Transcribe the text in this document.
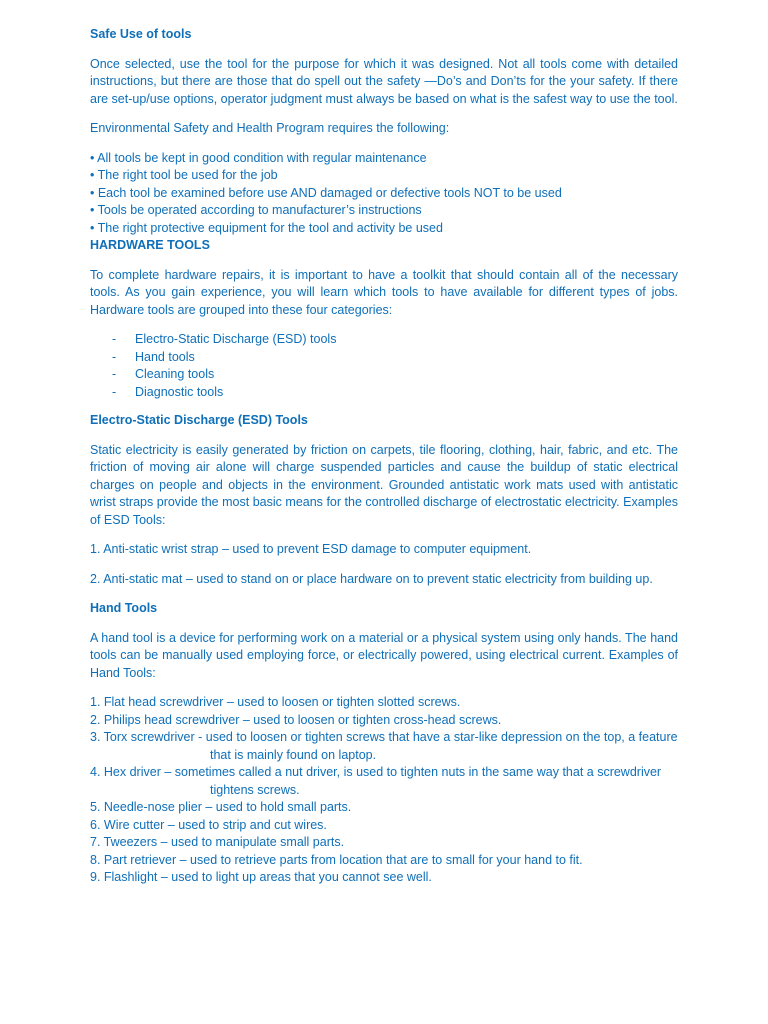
Safe Use of tools

Once selected, use the tool for the purpose for which it was designed. Not all tools come with detailed instructions, but there are those that do spell out the safety —Do’s and Don’ts for the your safety. If there are set-up/use options, operator judgment must always be based on what is the safest way to use the tool.

Environmental Safety and Health Program requires the following:

• All tools be kept in good condition with regular maintenance
• The right tool be used for the job
• Each tool be examined before use AND damaged or defective tools NOT to be used
• Tools be operated according to manufacturer’s instructions
• The right protective equipment for the tool and activity be used

HARDWARE TOOLS

To complete hardware repairs, it is important to have a toolkit that should contain all of the necessary tools. As you gain experience, you will learn which tools to have available for different types of jobs. Hardware tools are grouped into these four categories:

- Electro-Static Discharge (ESD) tools
- Hand tools
- Cleaning tools
- Diagnostic tools

Electro-Static Discharge (ESD) Tools

Static electricity is easily generated by friction on carpets, tile flooring, clothing, hair, fabric, and etc. The friction of moving air alone will charge suspended particles and cause the buildup of static electrical charges on people and objects in the environment. Grounded antistatic work mats used with antistatic wrist straps provide the most basic means for the controlled discharge of electrostatic electricity. Examples of ESD Tools:

1. Anti-static wrist strap – used to prevent ESD damage to computer equipment.

2. Anti-static mat – used to stand on or place hardware on to prevent static electricity from building up.

Hand Tools

A hand tool is a device for performing work on a material or a physical system using only hands. The hand tools can be manually used employing force, or electrically powered, using electrical current. Examples of Hand Tools:

1. Flat head screwdriver – used to loosen or tighten slotted screws.
2. Philips head screwdriver – used to loosen or tighten cross-head screws.
3. Torx screwdriver - used to loosen or tighten screws that have a star-like depression on the top, a feature
that is mainly found on laptop.
4. Hex driver – sometimes called a nut driver, is used to tighten nuts in the same way that a screwdriver
tightens screws.
5. Needle-nose plier – used to hold small parts.
6. Wire cutter – used to strip and cut wires.
7. Tweezers – used to manipulate small parts.
8. Part retriever – used to retrieve parts from location that are to small for your hand to fit.
9. Flashlight – used to light up areas that you cannot see well.
